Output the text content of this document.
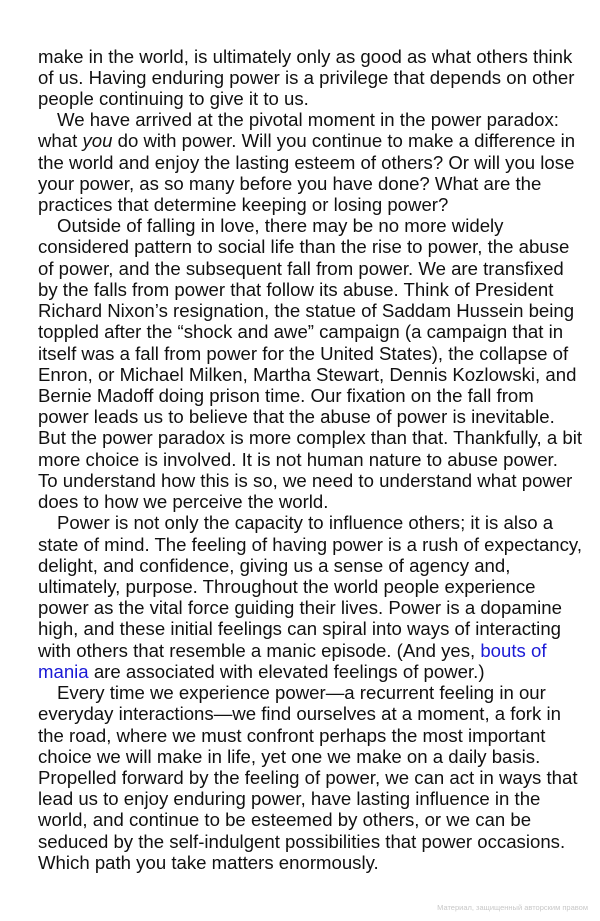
make in the world, is ultimately only as good as what others think
of us. Having enduring power is a privilege that depends on other
people continuing to give it to us.
We have arrived at the pivotal moment in the power paradox:
what you do with power. Will you continue to make a difference in
the world and enjoy the lasting esteem of others? Or will you lose
your power, as so many before you have done? What are the
practices that determine keeping or losing power?
Outside of falling in love, there may be no more widely
considered pattern to social life than the rise to power, the abuse
of power, and the subsequent fall from power. We are transfixed
by the falls from power that follow its abuse. Think of President
Richard Nixon’s resignation, the statue of Saddam Hussein being
toppled after the “shock and awe” campaign (a campaign that in
itself was a fall from power for the United States), the collapse of
Enron, or Michael Milken, Martha Stewart, Dennis Kozlowski, and
Bernie Madoff doing prison time. Our fixation on the fall from
power leads us to believe that the abuse of power is inevitable.
But the power paradox is more complex than that. Thankfully, a bit
more choice is involved. It is not human nature to abuse power.
To understand how this is so, we need to understand what power
does to how we perceive the world.
Power is not only the capacity to influence others; it is also a
state of mind. The feeling of having power is a rush of expectancy,
delight, and confidence, giving us a sense of agency and,
ultimately, purpose. Throughout the world people experience
power as the vital force guiding their lives. Power is a dopamine
high, and these initial feelings can spiral into ways of interacting
with others that resemble a manic episode. (And yes, bouts of
mania are associated with elevated feelings of power.)
Every time we experience power—a recurrent feeling in our
everyday interactions—we find ourselves at a moment, a fork in
the road, where we must confront perhaps the most important
choice we will make in life, yet one we make on a daily basis.
Propelled forward by the feeling of power, we can act in ways that
lead us to enjoy enduring power, have lasting influence in the
world, and continue to be esteemed by others, or we can be
seduced by the self-indulgent possibilities that power occasions.
Which path you take matters enormously.
Материал, защищенный авторским правом
